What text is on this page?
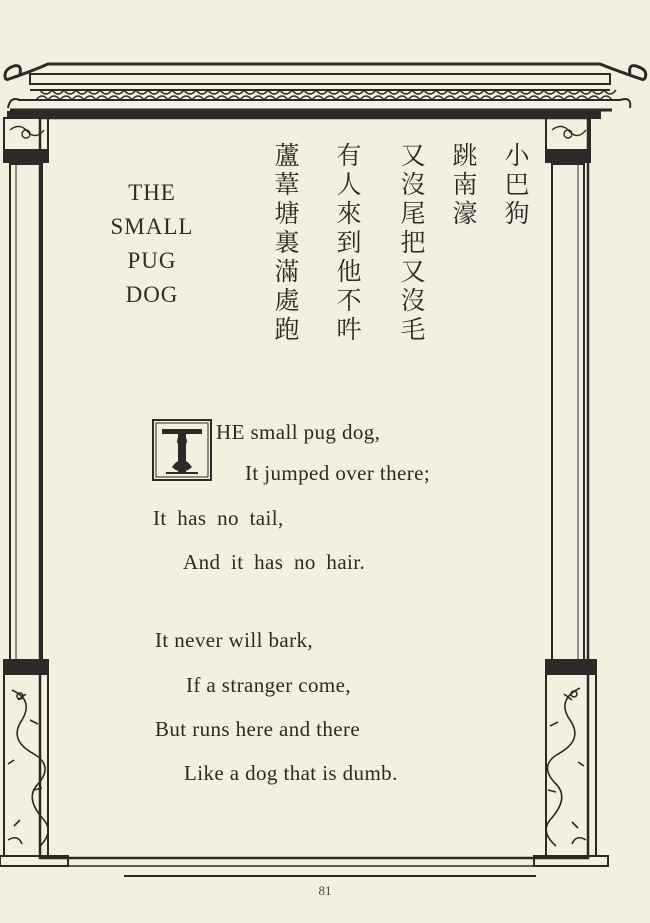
THE
SMALL
PUG
DOG
小巴狗
跳南濠
又沒尾把又沒毛
有人來到他不吽
蘆葦塘裏滿處跑
HE small pug dog,
It jumped over there;
It has no tail,
And it has no hair.
It never will bark,
If a stranger come,
But runs here and there
Like a dog that is dumb.
81
